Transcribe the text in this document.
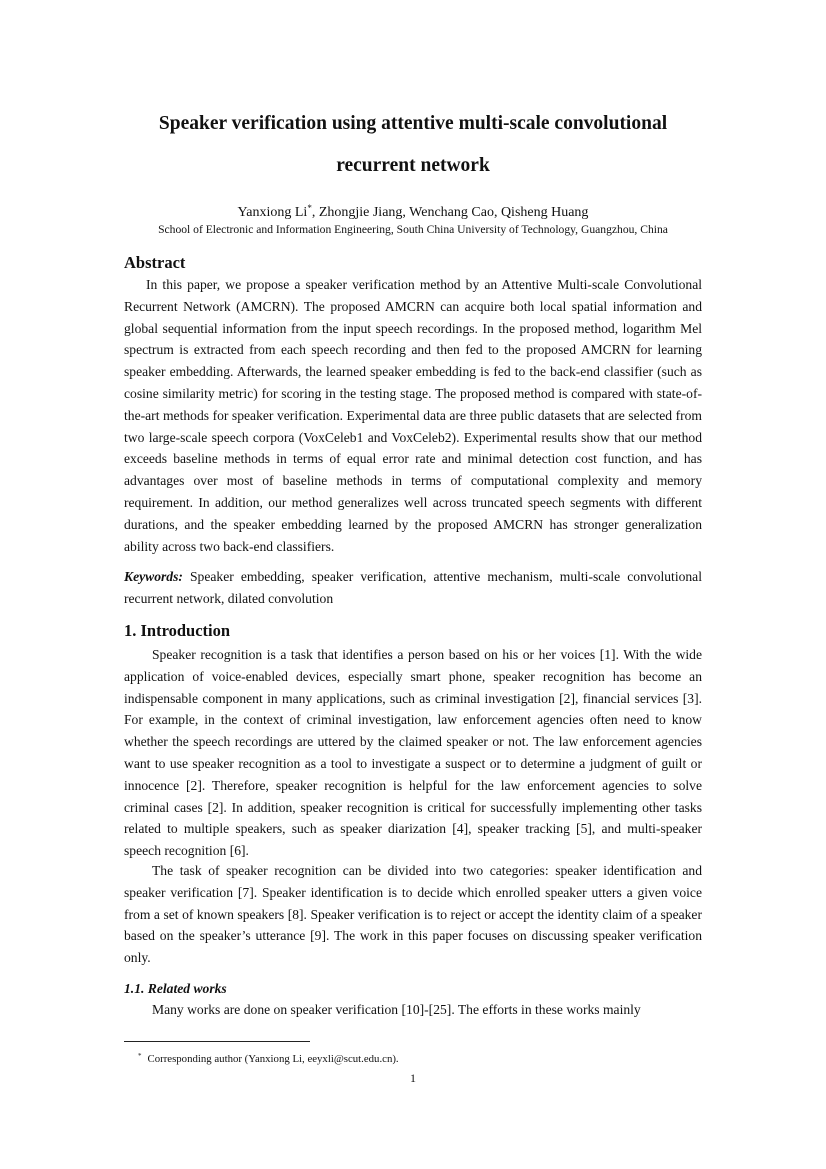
Speaker verification using attentive multi-scale convolutional
recurrent network
Yanxiong Li*, Zhongjie Jiang, Wenchang Cao, Qisheng Huang
School of Electronic and Information Engineering, South China University of Technology, Guangzhou, China
Abstract

In this paper, we propose a speaker verification method by an Attentive Multi-scale Convolutional Recurrent Network (AMCRN). The proposed AMCRN can acquire both local spatial information and global sequential information from the input speech recordings. In the proposed method, logarithm Mel spectrum is extracted from each speech recording and then fed to the proposed AMCRN for learning speaker embedding. Afterwards, the learned speaker embedding is fed to the back-end classifier (such as cosine similarity metric) for scoring in the testing stage. The proposed method is compared with state-of-the-art methods for speaker verification. Experimental data are three public datasets that are selected from two large-scale speech corpora (VoxCeleb1 and VoxCeleb2). Experimental results show that our method exceeds baseline methods in terms of equal error rate and minimal detection cost function, and has advantages over most of baseline methods in terms of computational complexity and memory requirement. In addition, our method generalizes well across truncated speech segments with different durations, and the speaker embedding learned by the proposed AMCRN has stronger generalization ability across two back-end classifiers.

Keywords: Speaker embedding, speaker verification, attentive mechanism, multi-scale convolutional recurrent network, dilated convolution

1. Introduction

Speaker recognition is a task that identifies a person based on his or her voices [1]. With the wide application of voice-enabled devices, especially smart phone, speaker recognition has become an indispensable component in many applications, such as criminal investigation [2], financial services [3]. For example, in the context of criminal investigation, law enforcement agencies often need to know whether the speech recordings are uttered by the claimed speaker or not. The law enforcement agencies want to use speaker recognition as a tool to investigate a suspect or to determine a judgment of guilt or innocence [2]. Therefore, speaker recognition is helpful for the law enforcement agencies to solve criminal cases [2]. In addition, speaker recognition is critical for successfully implementing other tasks related to multiple speakers, such as speaker diarization [4], speaker tracking [5], and multi-speaker speech recognition [6].

The task of speaker recognition can be divided into two categories: speaker identification and speaker verification [7]. Speaker identification is to decide which enrolled speaker utters a given voice from a set of known speakers [8]. Speaker verification is to reject or accept the identity claim of a speaker based on the speaker’s utterance [9]. The work in this paper focuses on discussing speaker verification only.

1.1. Related works

Many works are done on speaker verification [10]-[25]. The efforts in these works mainly

* Corresponding author (Yanxiong Li, eeyxli@scut.edu.cn).
1
